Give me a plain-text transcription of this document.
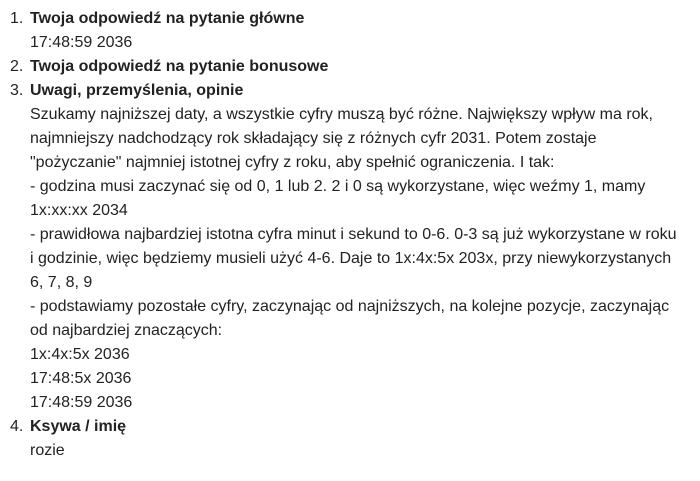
1. Twoja odpowiedź na pytanie główne
17:48:59 2036
2. Twoja odpowiedź na pytanie bonusowe
3. Uwagi, przemyślenia, opinie
Szukamy najniższej daty, a wszystkie cyfry muszą być różne. Największy wpływ ma rok,
najmniejszy nadchodzący rok składający się z różnych cyfr 2031. Potem zostaje
"pożyczanie" najmniej istotnej cyfry z roku, aby spełnić ograniczenia. I tak:
- godzina musi zaczynać się od 0, 1 lub 2. 2 i 0 są wykorzystane, więc weźmy 1, mamy
1x:xx:xx 2034
- prawidłowa najbardziej istotna cyfra minut i sekund to 0-6. 0-3 są już wykorzystane w roku
i godzinie, więc będziemy musieli użyć 4-6. Daje to 1x:4x:5x 203x, przy niewykorzystanych
6, 7, 8, 9
- podstawiamy pozostałe cyfry, zaczynając od najniższych, na kolejne pozycje, zaczynając
od najbardziej znaczących:
1x:4x:5x 2036
17:48:5x 2036
17:48:59 2036
4. Ksywa / imię
rozie
